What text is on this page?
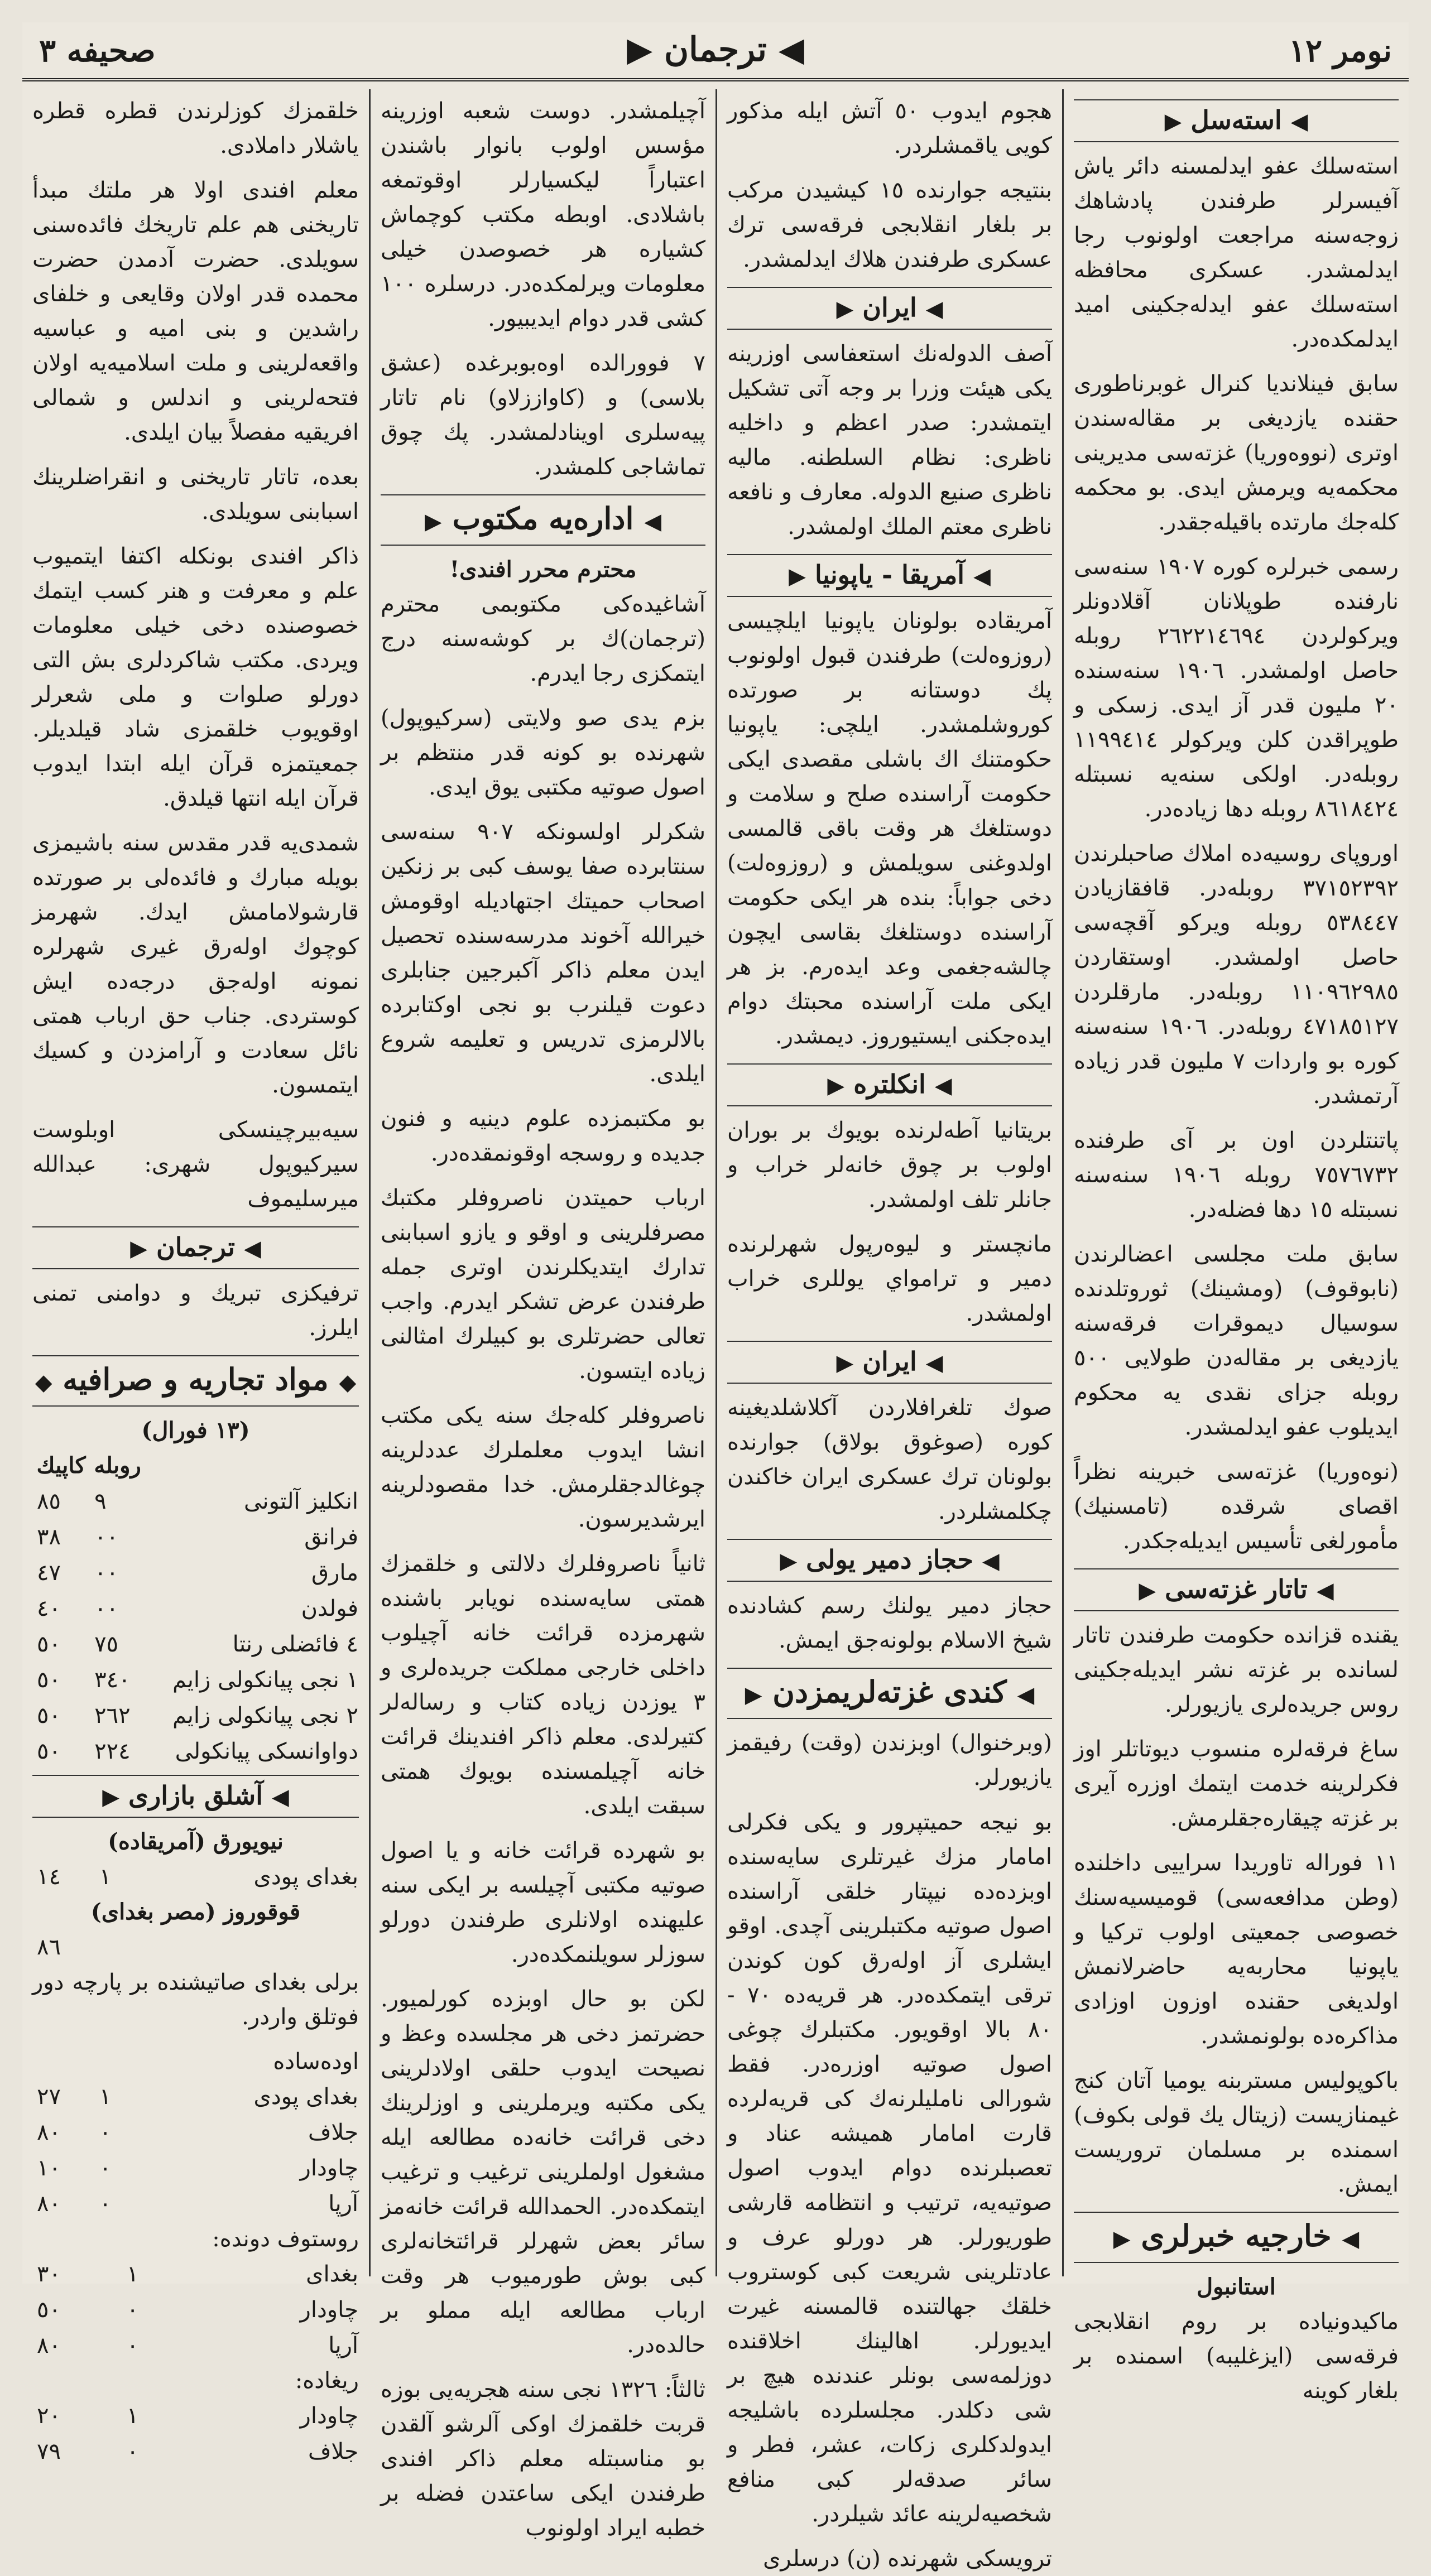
نومر ١٢
◀ ترجمان ▶
صحیفه ٣
◀ استه‌سل ▶

استه‌سلك عفو ایدلمسنه دائر یاش آفیسرلر طرفندن پادشاهك زوجه‌سنه مراجعت اولونوب رجا ایدلمشدر. عسکری محافظه استه‌سلك عفو ایدله‌جکینی امید ایدلمکده‌در.

سابق فینلاندیا کنرال غوبرناطوری حقنده یازدیغی بر مقاله‌سندن اوتری (نووه‌وریا) غزته‌سی مدیرینی محکمه‌یه ویرمش ایدی. بو محکمه کله‌جك مارتده باقیله‌جقدر.

رسمی خبرلره کوره ١٩٠٧ سنه‌سی نارفنده طوپلانان آقلادونلر ویرکولردن ٢٦٢٢١٤٦٩٤ روبله حاصل اولمشدر. ١٩٠٦ سنه‌سنده ٢٠ ملیون قدر آز ایدی. زسکی و طوپراقدن کلن ویرکولر ١١٩٩٤١٤ روبله‌در. اولکی سنه‌یه نسبتله ٨٦١٨٤٢٤ روبله دها زیاده‌در.

اوروپای روسیه‌ده املاك صاحبلرندن ٣٧١٥٢٣٩٢ روبله‌در. قافقازیادن ٥٣٨٤٤٧ روبله ویرکو آقچه‌سی حاصل اولمشدر. اوستقاردن ١١٠٩٦٢٩٨٥ روبله‌در. مارقلردن ٤٧١٨٥١٢٧ روبله‌در. ١٩٠٦ سنه‌سنه کوره بو واردات ٧ ملیون قدر زیاده آرتمشدر.

پاتنتلردن اون بر آی طرفنده ٧٥٧٦٧٣٢ روبله ١٩٠٦ سنه‌سنه نسبتله ١٥ دها فضله‌در.

سابق ملت مجلسی اعضالرندن (نابوقوف) (ومشینك) ثوروتلدنده سوسیال دیموقرات فرقه‌سنه یازدیغی بر مقاله‌دن طولایی ٥٠٠ روبله جزای نقدی یه محکوم ایدیلوب عفو ایدلمشدر.

(نوه‌وریا) غزته‌سی خبرینه نظراً اقصای شرقده (تامسنیك) مأمورلغی تأسیس ایدیله‌جکدر.

◀ تاتار غزته‌سی ▶

یقنده قزانده حکومت طرفندن تاتار لسانده بر غزته نشر ایدیله‌جکینی روس جریده‌لری یازیورلر.

ساغ فرقه‌لره منسوب دیوتاتلر اوز فکرلرینه خدمت ایتمك اوزره آیری بر غزته چیقاره‌جقلرمش.

١١ فوراله تاوریدا سراییی داخلنده (وطن مدافعه‌سی) قومیسیه‌سنك خصوصی جمعیتی اولوب ترکیا و یاپونیا محاربه‌یه حاضرلانمش اولدیغی حقنده اوزون اوزادی مذاکره‌ده بولونمشدر.

باکوپولیس مستربنه یومیا آتان کنج غیمنازیست (زیتال یك قولی بکوف) اسمنده بر مسلمان تروریست ایمش.

◀ خارجیه خبرلری ▶
استانبول

ماکیدونیاده بر روم انقلابجی فرقه‌سی (ایزغلیبه) اسمنده بر بلغار کوینه

هجوم ایدوب ٥٠ آتش ایله مذکور کویی یاقمشلردر.

بنتیجه جوارنده ١٥ کیشیدن مرکب بر بلغار انقلابجی فرقه‌سی ترك عسکری طرفندن هلاك ایدلمشدر.

◀ ایران ▶

آصف الدوله‌نك استعفاسی اوزرینه یکی هیئت وزرا بر وجه آتی تشکیل ایتمشدر: صدر اعظم و داخلیه ناظری: نظام السلطنه. مالیه ناظری صنیع الدوله. معارف و نافعه ناظری معتم الملك اولمشدر.

◀ آمریقا - یاپونیا ▶

آمریقاده بولونان یاپونیا ایلچیسی (روزوه‌لت) طرفندن قبول اولونوب پك دوستانه بر صورتده کوروشلمشدر. ایلچی: یاپونیا حکومتنك اك باشلی مقصدی ایکی حکومت آراسنده صلح و سلامت و دوستلغك هر وقت باقی قالمسی اولدوغنی سویلمش و (روزوه‌لت) دخی جواباً: بنده هر ایکی حکومت آراسنده دوستلغك بقاسی ایچون چالشه‌جغمی وعد ایده‌رم. بز هر ایکی ملت آراسنده محبتك دوام ایده‌جکنی ایستیوروز. دیمشدر.

◀ انکلتره ▶

بریتانیا آطه‌لرنده بویوك بر بوران اولوب بر چوق خانه‌لر خراب و جانلر تلف اولمشدر.

مانچستر و لیوه‌رپول شهرلرنده دمیر و ترامواي یوللری خراب اولمشدر.

◀ ایران ▶

صوك تلغرافلاردن آکلاشلدیغینه کوره (صوغوق بولاق) جوارنده بولونان ترك عسکری ایران خاکندن چکلمشلردر.

◀ حجاز دمیر یولی ▶

حجاز دمیر یولنك رسم کشادنده شیخ الاسلام بولونه‌جق ایمش.

◀ کندی غزته‌لریمزدن ▶

(وبرخنوال) اوبزندن (وقت) رفیقمز یازیورلر.

بو نیجه حمیتپرور و یکی فکرلی امامار مزك غیرتلری سایه‌سنده اوبزده‌ده نیپتار خلقی آراسنده اصول صوتیه مکتبلرینی آچدی. اوقو ایشلری آز اوله‌رق کون کوندن ترقی ایتمکده‌در. هر قریه‌ده ٧٠ - ٨٠ بالا اوقویور. مکتبلرك چوغی اصول صوتیه اوزره‌در. فقط شورالی ناملیلرنه‌ك کی قریه‌لرده قارت امامار همیشه عناد و تعصبلرنده دوام ایدوب اصول صوتیه‌یه، ترتیب و انتظامه قارشی طوریورلر. هر دورلو عرف و عادتلرینی شریعت کبی کوستروب خلقك جهالتنده قالمسنه غیرت ایدیورلر. اهالینك اخلاقنده دوزلمه‌سی بونلر عندنده هیچ بر شی دکلدر. مجلسلرده باشلیجه ایدولدکلری زکات، عشر، فطر و سائر صدقه‌لر کبی منافع شخصیه‌لرینه عائد شیلردر.

ترویسکی شهرنده (ن) درسلری

آچیلمشدر. دوست شعبه اوزرینه مؤسس اولوب بانوار باشندن اعتباراً لیکسیارلر اوقوتمغه باشلادی. اوبطه مکتب کوچماش کشیاره هر خصوصدن خیلی معلومات ویرلمکده‌در. درسلره ١٠٠ کشی قدر دوام ایدیبیور.

٧ فوورالده اوه‌بوبرغده (عشق بلاسی) و (کاواززلاو) نام تاتار پیه‌سلری اوینادلمشدر. پك چوق تماشاجی کلمشدر.

◀ اداره‌یه مکتوب ▶
محترم محرر افندی!

آشاغیده‌کی مکتوبمی محترم (ترجمان)‌ك بر کوشه‌سنه درج ایتمکزی رجا ایدرم.

بزم یدی صو ولایتی (سرکیوپول) شهرنده بو کونه قدر منتظم بر اصول صوتیه مکتبی یوق ایدی.

شکرلر اولسونکه ٩٠٧ سنه‌سی سنتابرده صفا یوسف کبی بر زنکین اصحاب حمیتك اجتهادیله اوقومش خیرالله آخوند مدرسه‌سنده تحصیل ایدن معلم ذاکر آکبرجین جنابلری دعوت قیلنرب بو نجی اوکتابرده بالالرمزی تدریس و تعلیمه شروع ایلدی.

بو مکتبمزده علوم دینیه و فنون جدیده و روسجه اوقونمقده‌در.

ارباب حمیتدن ناصروفلر مکتبك مصرفلرینی و اوقو و یازو اسبابنی تدارك ایتدیکلرندن اوتری جمله طرفندن عرض تشکر ایدرم. واجب تعالی حضرتلری بو کبیلرك امثالنی زیاده ایتسون.

ناصروفلر کله‌جك سنه یکی مکتب انشا ایدوب معلملرك عددلرینه چوغالدجقلرمش. خدا مقصودلرینه ایرشدیرسون.

ثانیاً ناصروفلرك دلالتی و خلقمزك همتی سایه‌سنده نویابر باشنده شهرمزده قرائت خانه آچیلوب داخلی خارجی مملکت جریده‌لری و ٣ یوزدن زیاده کتاب و رساله‌لر کتیرلدی. معلم ذاکر افندینك قرائت خانه آچیلمسنده بویوك همتی سبقت ایلدی.

بو شهرده قرائت خانه و یا اصول صوتیه مکتبی آچیلسه بر ایکی سنه علیهنده اولانلری طرفندن دورلو سوزلر سویلنمکده‌در.

لکن بو حال اوبزده کورلمیور. حضرتمز دخی هر مجلسده وعظ و نصیحت ایدوب حلقی اولادلرینی یکی مکتبه ویرملرینی و اوزلرینك دخی قرائت خانه‌ده مطالعه ایله مشغول اولملرینی ترغیب و ترغیب ایتمکده‌در. الحمدالله قرائت خانه‌مز سائر بعض شهرلر قرائتخانه‌لری کبی بوش طورمیوب هر وقت ارباب مطالعه ایله مملو بر حالده‌در.

ثالثاً: ١٣٢٦ نجی سنه هجریه‌یی بوزه قربت خلقمزك اوکی آلرشو آلقدن بو مناسبتله معلم ذاکر افندی طرفندن ایکی ساعتدن فضله بر خطبه ایراد اولونوب

خلقمزك کوزلرندن قطره قطره یاشلار داملادی.

معلم افندی اولا هر ملتك مبدأ تاریخنی هم علم تاریخك فائده‌سنی سویلدی. حضرت آدمدن حضرت محمده قدر اولان وقایعی و خلفای راشدین و بنی امیه و عباسیه واقعه‌لرینی و ملت اسلامیه‌یه اولان فتحه‌لرینی و اندلس و شمالی افریقیه مفصلاً بیان ایلدی.

بعده، تاتار تاریخنی و انقراضلرینك اسبابنی سویلدی.

ذاکر افندی بونکله اکتفا ایتمیوب علم و معرفت و هنر کسب ایتمك خصوصنده دخی خیلی معلومات ویردی. مکتب شاکردلری بش التی دورلو صلوات و ملی شعرلر اوقویوب خلقمزی شاد قیلدیلر. جمعیتمزه قرآن ایله ابتدا ایدوب قرآن ایله انتها قیلدق.

شمدی‌یه قدر مقدس سنه باشیمزی بویله مبارك و فائده‌لی بر صورتده قارشولامامش ایدك. شهرمز کوچوك اوله‌رق غیری شهرلره نمونه اوله‌جق درجه‌ده ایش کوستردی. جناب حق ارباب همتی نائل سعادت و آرامزدن و کسیك ایتمسون.

سیه‌بیرچینسکی اوبلوست سیرکیوپول شهری: عبدالله میرسلیموف

◀ ترجمان ▶

ترفیکزی تبریك و دوامنی تمنی ایلرز.

◆ مواد تجاریه و صرافیه ◆
(١٣ فورال)
	روبله	کاپیك
انکلیز آلتونی	٩	٨٥
فرانق	۰۰	٣٨
مارق	۰۰	٤٧
فولدن	۰۰	٤٠
٤ فائضلی رنتا	٧٥	٥٠
١ نجی پیانکولی زایم	٣٤٠	٥٠
٢ نجی پیانکولی زایم	٢٦٢	٥٠
دواوانسکی پیانکولی	٢٢٤	٥٠
◀ آشلق بازاری ▶
نیویورق (آمریقاده)
بغدای پودی	١	١٤
قوقوروز (مصر بغدای)
		٨٦

برلی بغدای صاتیشنده بر پارچه دور فوتلق واردر.

اوده‌ساده
بغدای پودی	١	٢٧
جلاف	۰	٨۰
چاودار	۰	١۰
آرپا	۰	٨۰
روستوف دونده:
بغدای	١	٣۰
چاودار	۰	٥۰
آرپا	۰	٨۰
ریغاده:
چاودار	١	٢۰
جلاف	۰	٧٩
